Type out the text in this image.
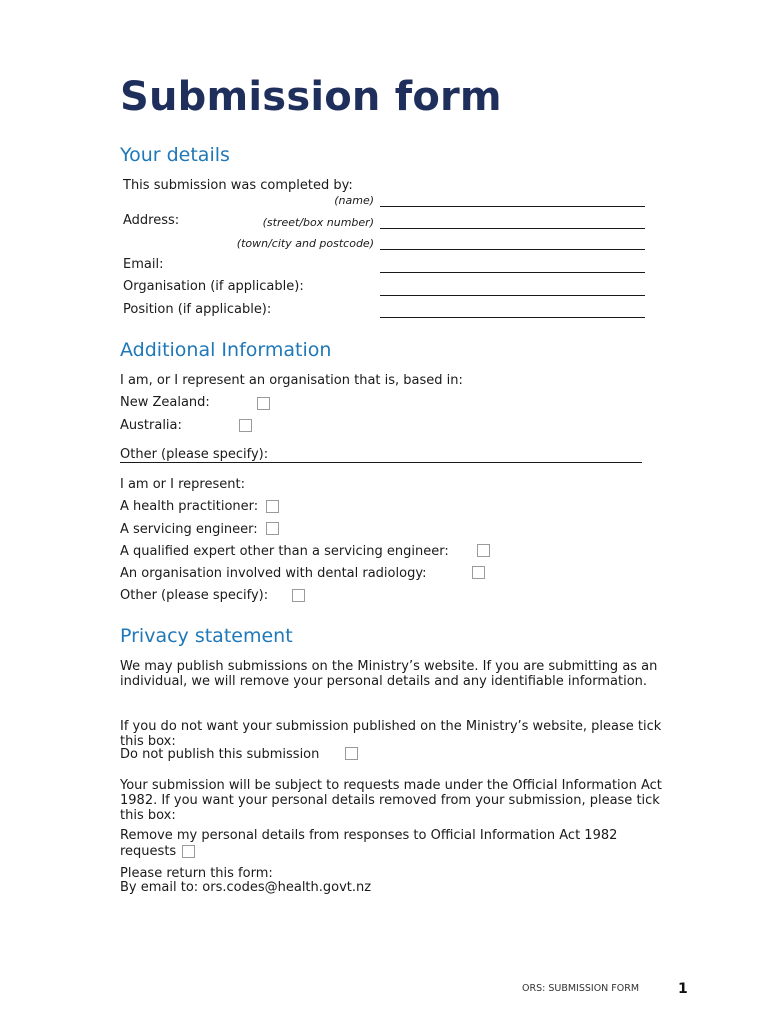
Submission form
Your details
This submission was completed by:
(name)
Address:	(street/box number)
(town/city and postcode)
Email:
Organisation (if applicable):
Position (if applicable):
Additional Information
I am, or I represent an organisation that is, based in:
New Zealand:
Australia:
Other (please specify):
I am or I represent:
A health practitioner:
A servicing engineer:
A qualified expert other than a servicing engineer:
An organisation involved with dental radiology:
Other (please specify):
Privacy statement
We may publish submissions on the Ministry’s website. If you are submitting as an individual, we will remove your personal details and any identifiable information.
If you do not want your submission published on the Ministry’s website, please tick this box:
Do not publish this submission
Your submission will be subject to requests made under the Official Information Act 1982. If you want your personal details removed from your submission, please tick this box:
Remove my personal details from responses to Official Information Act 1982
requests
Please return this form:
By email to: ors.codes@health.govt.nz
ORS: SUBMISSION FORM	1
